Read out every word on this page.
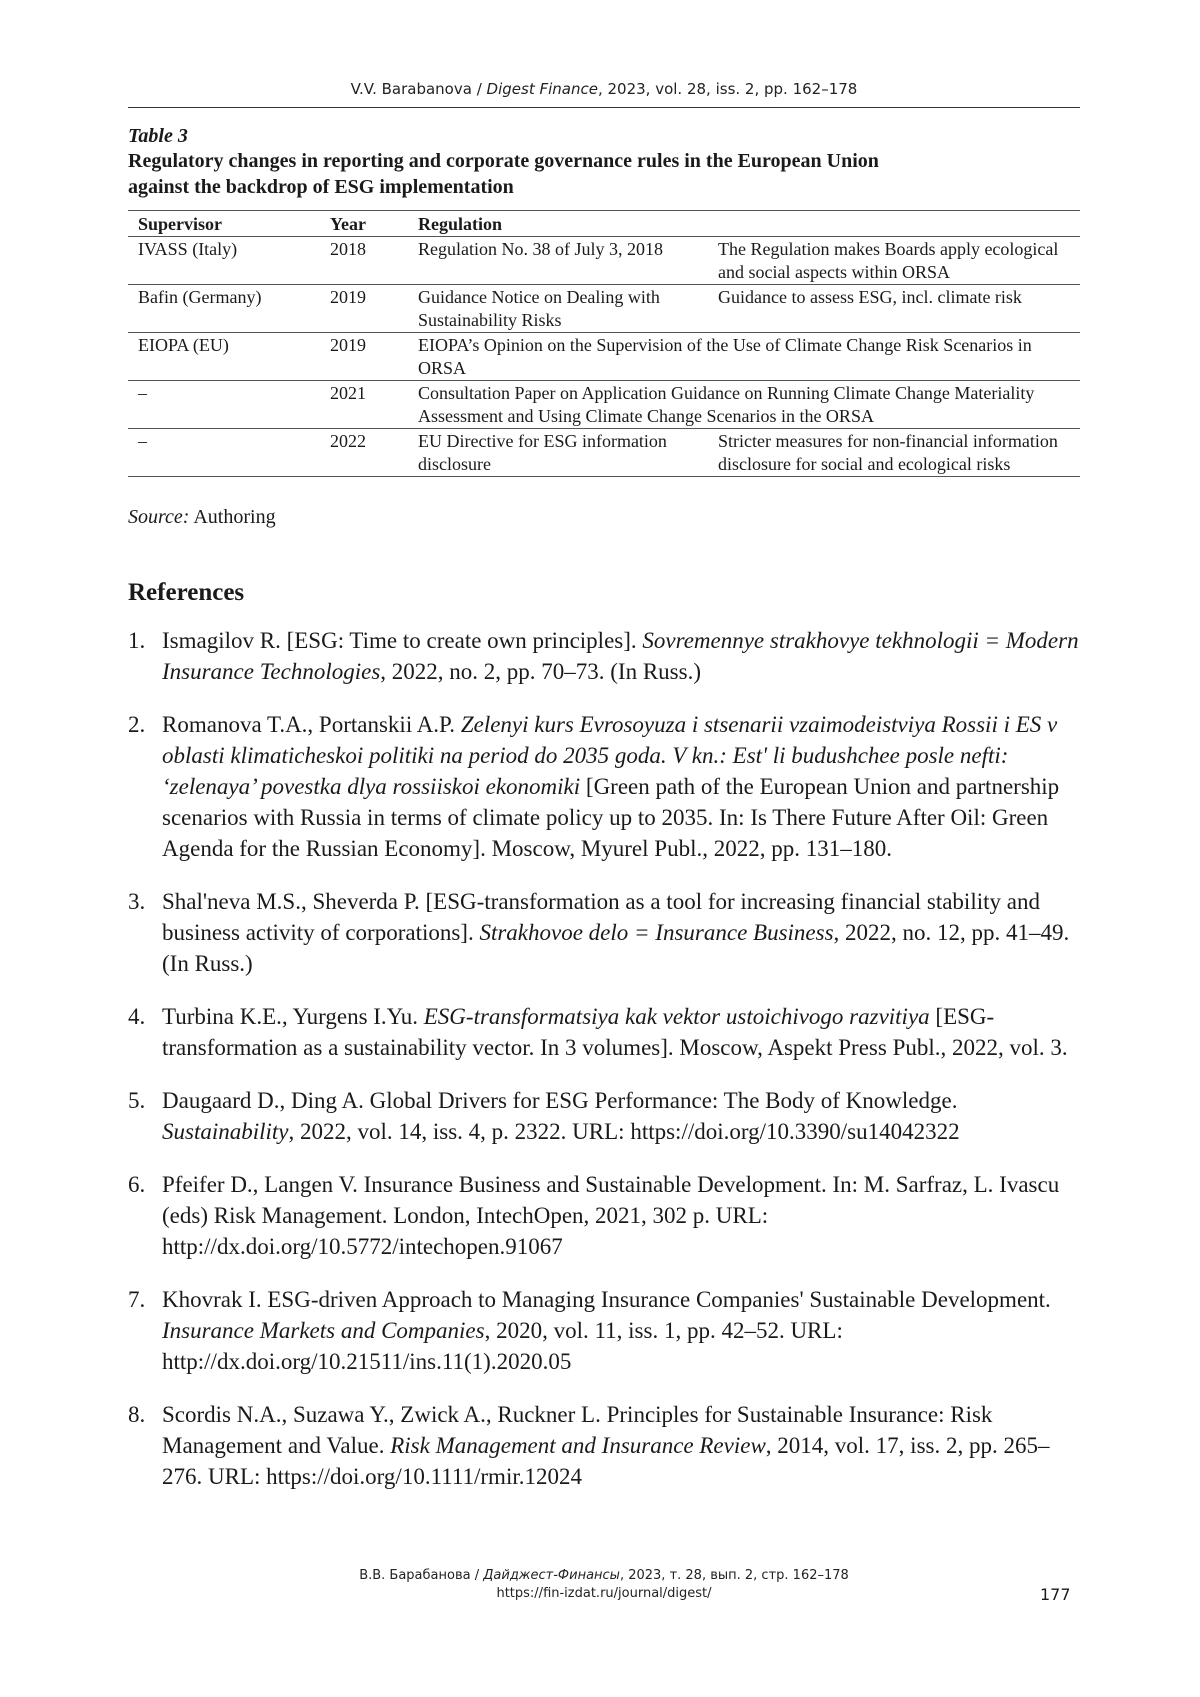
V.V. Barabanova / Digest Finance, 2023, vol. 28, iss. 2, pp. 162–178
Table 3
Regulatory changes in reporting and corporate governance rules in the European Union
against the backdrop of ESG implementation
Supervisor	Year	Regulation	
IVASS (Italy)	2018	Regulation No. 38 of July 3, 2018	The Regulation makes Boards apply ecological and social aspects within ORSA
Bafin (Germany)	2019	Guidance Notice on Dealing with Sustainability Risks	Guidance to assess ESG, incl. climate risk
EIOPA (EU)	2019	EIOPA’s Opinion on the Supervision of the Use of Climate Change Risk Scenarios in ORSA	
–	2021	Consultation Paper on Application Guidance on Running Climate Change Materiality Assessment and Using Climate Change Scenarios in the ORSA	
–	2022	EU Directive for ESG information disclosure	Stricter measures for non-financial information disclosure for social and ecological risks
Source: Authoring
References
1. Ismagilov R. [ESG: Time to create own principles]. Sovremennye strakhovye tekhnologii = Modern Insurance Technologies, 2022, no. 2, pp. 70–73. (In Russ.)
2. Romanova T.A., Portanskii A.P. Zelenyi kurs Evrosoyuza i stsenarii vzaimodeistviya Rossii i ES v oblasti klimaticheskoi politiki na period do 2035 goda. V kn.: Est' li budushchee posle nefti: ‘zelenaya’ povestka dlya rossiiskoi ekonomiki [Green path of the European Union and partnership scenarios with Russia in terms of climate policy up to 2035. In: Is There Future After Oil: Green Agenda for the Russian Economy]. Moscow, Myurel Publ., 2022, pp. 131–180.
3. Shal'neva M.S., Sheverda P. [ESG-transformation as a tool for increasing financial stability and business activity of corporations]. Strakhovoe delo = Insurance Business, 2022, no. 12, pp. 41–49. (In Russ.)
4. Turbina K.E., Yurgens I.Yu. ESG-transformatsiya kak vektor ustoichivogo razvitiya [ESG-transformation as a sustainability vector. In 3 volumes]. Moscow, Aspekt Press Publ., 2022, vol. 3.
5. Daugaard D., Ding A. Global Drivers for ESG Performance: The Body of Knowledge. Sustainability, 2022, vol. 14, iss. 4, p. 2322. URL: https://doi.org/10.3390/su14042322
6. Pfeifer D., Langen V. Insurance Business and Sustainable Development. In: M. Sarfraz, L. Ivascu (eds) Risk Management. London, IntechOpen, 2021, 302 p. URL: http://dx.doi.org/10.5772/intechopen.91067
7. Khovrak I. ESG-driven Approach to Managing Insurance Companies' Sustainable Development. Insurance Markets and Companies, 2020, vol. 11, iss. 1, pp. 42–52. URL: http://dx.doi.org/10.21511/ins.11(1).2020.05
8. Scordis N.A., Suzawa Y., Zwick A., Ruckner L. Principles for Sustainable Insurance: Risk Management and Value. Risk Management and Insurance Review, 2014, vol. 17, iss. 2, pp. 265–276. URL: https://doi.org/10.1111/rmir.12024
В.В. Барабанова / Дайджест-Финансы, 2023, т. 28, вып. 2, стр. 162–178
https://fin-izdat.ru/journal/digest/	177
